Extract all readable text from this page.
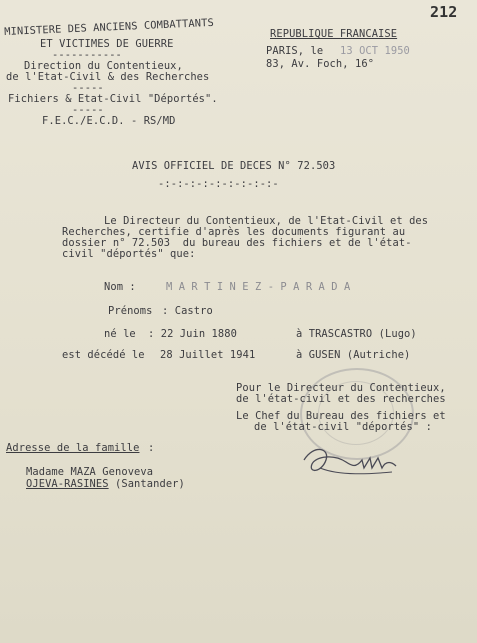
212
MINISTERE DES ANCIENS COMBATTANTS
ET VICTIMES DE GUERRE
-----------
Direction du Contentieux,
de l'Etat-Civil & des Recherches
-----
Fichiers & Etat-Civil "Déportés".
-----
F.E.C./E.C.D. - RS/MD
REPUBLIQUE FRANCAISE
PARIS, le 13 OCT 1950
83, Av. Foch, 16°
AVIS OFFICIEL DE DECES N° 72.503
-:-:-:-:-:-:-:-:-:-
Le Directeur du Contentieux, de l'Etat-Civil et des
Recherches, certifie d'après les documents figurant au
dossier n° 72.503  du bureau des fichiers et de l'état-
civil "déportés" que:
Nom :	M A R T I N E Z - P A R A D A
Prénoms : Castro
né le : 22 Juin 1880	à TRASCASTRO (Lugo)
est décédé le 28 Juillet 1941	à GUSEN (Autriche)
Pour le Directeur du Contentieux,
de l'état-civil et des recherches
Le Chef du Bureau des fichiers et
de l'état-civil "déportés" :
Adresse de la famille :
Madame MAZA Genoveva
OJEVA-RASINES (Santander)
